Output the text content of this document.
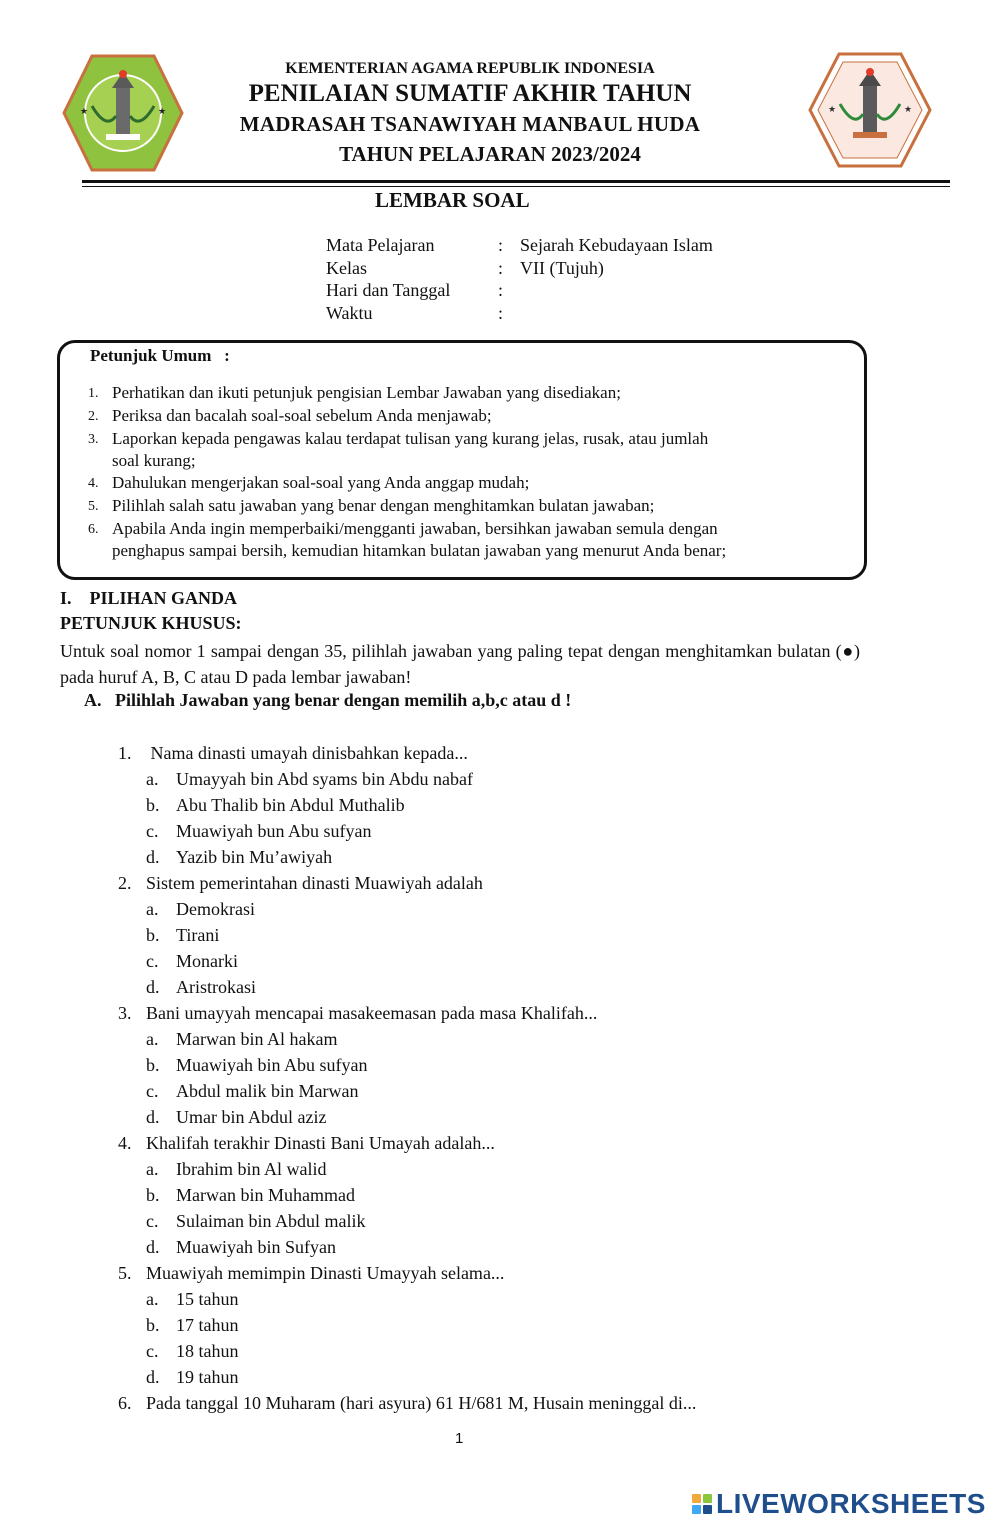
★	★	★	★
KEMENTERIAN AGAMA REPUBLIK INDONESIA
PENILAIAN SUMATIF AKHIR TAHUN
MADRASAH TSANAWIYAH MANBAUL HUDA
TAHUN PELAJARAN 2023/2024
LEMBAR SOAL
Mata Pelajaran	: Sejarah Kebudayaan Islam
Kelas	: VII (Tujuh)
Hari dan Tanggal	:
Waktu	:
Petunjuk Umum   :
1. Perhatikan dan ikuti petunjuk pengisian Lembar Jawaban yang disediakan;
2. Periksa dan bacalah soal-soal sebelum Anda menjawab;
3. Laporkan kepada pengawas kalau terdapat tulisan yang kurang jelas, rusak, atau jumlah soal kurang;
4. Dahulukan mengerjakan soal-soal yang Anda anggap mudah;
5. Pilihlah salah satu jawaban yang benar dengan menghitamkan bulatan jawaban;
6. Apabila Anda ingin memperbaiki/mengganti jawaban, bersihkan jawaban semula dengan penghapus sampai bersih, kemudian hitamkan bulatan jawaban yang menurut Anda benar;
I.    PILIHAN GANDA
PETUNJUK KHUSUS:
Untuk soal nomor 1 sampai dengan 35, pilihlah jawaban yang paling tepat dengan menghitamkan bulatan (●) pada huruf A, B, C atau D pada lembar jawaban!
A.   Pilihlah Jawaban yang benar dengan memilih a,b,c atau d !
1. Nama dinasti umayah dinisbahkan kepada...
a. Umayyah bin Abd syams bin Abdu nabaf
b. Abu Thalib bin Abdul Muthalib
c. Muawiyah bun Abu sufyan
d. Yazib bin Mu’awiyah
2. Sistem pemerintahan dinasti Muawiyah adalah
a. Demokrasi
b. Tirani
c. Monarki
d. Aristrokasi
3. Bani umayyah mencapai masakeemasan pada masa Khalifah...
a. Marwan bin Al hakam
b. Muawiyah bin Abu sufyan
c. Abdul malik bin Marwan
d. Umar bin Abdul aziz
4. Khalifah terakhir Dinasti Bani Umayah adalah...
a. Ibrahim bin Al walid
b. Marwan bin Muhammad
c. Sulaiman bin Abdul malik
d. Muawiyah bin Sufyan
5. Muawiyah memimpin Dinasti Umayyah selama...
a. 15 tahun
b. 17 tahun
c. 18 tahun
d. 19 tahun
6. Pada tanggal 10 Muharam (hari asyura) 61 H/681 M, Husain meninggal di...
1
LIVEWORKSHEETS
